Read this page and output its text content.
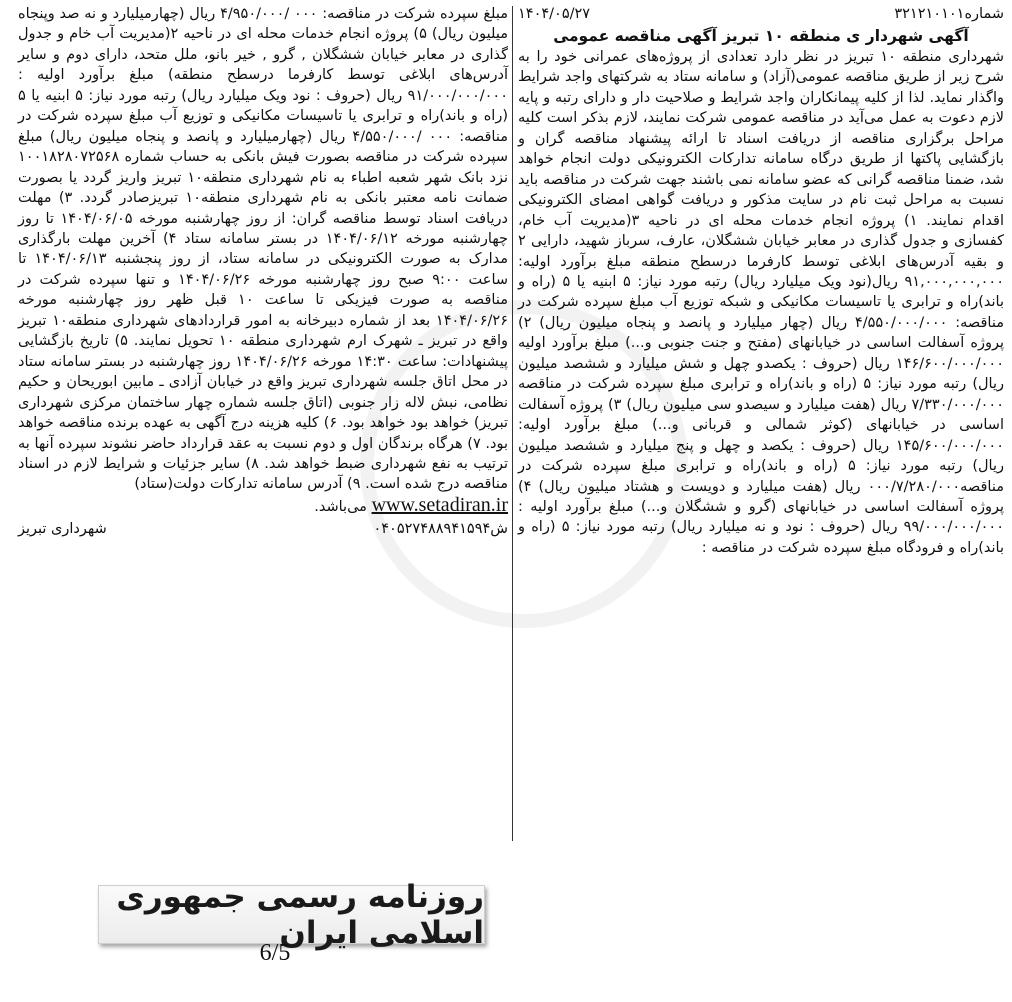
شماره۳۲۱۲۱۰۱۰۱
۱۴۰۴/۰۵/۲۷
آگهی شهردار ی منطقه ۱۰ تبریز آگهی مناقصه عمومی

شهرداری منطقه ۱۰ تبریز در نظر دارد تعدادی از پروژه‌های عمرانی خود را به شرح زیر از طریق مناقصه عمومی(آزاد) و سامانه ستاد به شرکتهای واجد شرایط واگذار نماید. لذا از کلیه پیمانکاران واجد شرایط و صلاحیت دار و دارای رتبه و پایه لازم دعوت به عمل می‌آید در مناقصه عمومی شرکت نمایند، لازم بذکر است کلیه مراحل برگزاری مناقصه از دریافت اسناد تا ارائه پیشنهاد مناقصه گران و بازگشایی پاکتها از طریق درگاه سامانه تدارکات الکترونیکی دولت انجام خواهد شد، ضمنا مناقصه گرانی که عضو سامانه نمی باشند جهت شرکت در مناقصه باید نسبت به مراحل ثبت نام در سایت مذکور و دریافت گواهی امضای الکترونیکی اقدام نمایند. ۱) پروژه انجام خدمات محله ای در ناحیه ۳(مدیریت آب خام، کفسازی و جدول گذاری در معابر خیابان ششگلان، عارف، سرباز شهید، دارایی ۲ و بقیه آدرس‌های ابلاغی توسط کارفرما درسطح منطقه مبلغ برآورد اولیه: ۹۱,۰۰۰,۰۰۰,۰۰۰ ریال(نود ویک میلیارد ریال) رتبه مورد نیاز: ۵ ابنیه یا ۵ (راه و باند)راه و ترابری یا تاسیسات مکانیکی و شبکه توزیع آب مبلغ سپرده شرکت در مناقصه: ۴/۵۵۰/۰۰۰/۰۰۰ ریال (چهار میلیارد و پانصد و پنجاه میلیون ریال) ۲) پروژه آسفالت اساسی در خیابانهای (مفتح و جنت جنوبی و...) مبلغ برآورد اولیه ۱۴۶/۶۰۰/۰۰۰/۰۰۰ ریال (حروف : یکصدو چهل و شش میلیارد و ششصد میلیون ریال) رتبه مورد نیاز: ۵ (راه و باند)راه و ترابری مبلغ سپرده شرکت در مناقصه ۷/۳۳۰/۰۰۰/۰۰۰ ریال (هفت میلیارد و سیصدو سی میلیون ریال) ۳) پروژه آسفالت اساسی در خیابانهای (کوثر شمالی و قربانی و...) مبلغ برآورد اولیه: ۱۴۵/۶۰۰/۰۰۰/۰۰۰ ریال (حروف : یکصد و چهل و پنج میلیارد و ششصد میلیون ریال) رتبه مورد نیاز: ۵ (راه و باند)راه و ترابری مبلغ سپرده شرکت در مناقصه۰۰۰/۷/۲۸۰/۰۰۰ ریال (هفت میلیارد و دویست و هشتاد میلیون ریال) ۴) پروژه آسفالت اساسی در خیابانهای (گرو و ششگلان و...) مبلغ برآورد اولیه : ۹۹/۰۰۰/۰۰۰/۰۰۰ ریال (حروف : نود و نه میلیارد ریال) رتبه مورد نیاز: ۵ (راه و باند)راه و فرودگاه مبلغ سپرده شرکت در مناقصه :

مبلغ سپرده شرکت در مناقصه: ۰۰۰ /۴/۹۵۰/۰۰۰ ریال (چهارمیلیارد و نه صد وپنجاه میلیون ریال) ۵) پروژه انجام خدمات محله ای در ناحیه ۲(مدیریت آب خام و جدول گذاری در معابر خیابان ششگلان , گرو , خیر بانو، ملل متحد، دارای دوم و سایر آدرس‌های ابلاغی توسط کارفرما درسطح منطقه) مبلغ برآورد اولیه : ۹۱/۰۰۰/۰۰۰/۰۰۰ ریال (حروف : نود ویک میلیارد ریال) رتبه مورد نیاز: ۵ ابنیه یا ۵ (راه و باند)راه و ترابری یا تاسیسات مکانیکی و توزیع آب مبلغ سپرده شرکت در مناقصه: ۰۰۰ /۴/۵۵۰/۰۰۰ ریال (چهارمیلیارد و پانصد و پنجاه میلیون ریال) مبلغ سپرده شرکت در مناقصه بصورت فیش بانکی به حساب شماره ۱۰۰۱۸۲۸۰۷۲۵۶۸ نزد بانک شهر شعبه اطباء به نام شهرداری منطقه۱۰ تبریز واریز گردد یا بصورت ضمانت نامه معتبر بانکی به نام شهرداری منطقه۱۰ تبریزصادر گردد. ۳) مهلت دریافت اسناد توسط مناقصه گران: از روز چهارشنبه مورخه ۱۴۰۴/۰۶/۰۵ تا روز چهارشنبه مورخه ۱۴۰۴/۰۶/۱۲ در بستر سامانه ستاد ۴) آخرین مهلت بارگذاری مدارک به صورت الکترونیکی در سامانه ستاد، از روز پنجشنبه ۱۴۰۴/۰۶/۱۳ تا ساعت ۹:۰۰ صبح روز چهارشنبه مورخه ۱۴۰۴/۰۶/۲۶ و تنها سپرده شرکت در مناقصه به صورت فیزیکی تا ساعت ۱۰ قبل ظهر روز چهارشنبه مورخه ۱۴۰۴/۰۶/۲۶ بعد از شماره دبیرخانه به امور قراردادهای شهرداری منطقه۱۰ تبریز واقع در تبریز ـ شهرک ارم شهرداری منطقه ۱۰ تحویل نمایند. ۵) تاریخ بازگشایی پیشنهادات: ساعت ۱۴:۳۰ مورخه ۱۴۰۴/۰۶/۲۶ روز چهارشنبه در بستر سامانه ستاد در محل اتاق جلسه شهرداری تبریز واقع در خیابان آزادی ـ مابین ابوریحان و حکیم نظامی، نبش لاله زار جنوبی (اتاق جلسه شماره چهار ساختمان مرکزی شهرداری تبریز) خواهد بود خواهد بود. ۶) کلیه هزینه درج آگهی به عهده برنده مناقصه خواهد بود. ۷) هرگاه برندگان اول و دوم نسبت به عقد قرارداد حاضر نشوند سپرده آنها به ترتیب به نفع شهرداری ضبط خواهد شد. ۸) سایر جزئیات و شرایط لازم در اسناد مناقصه درج شده است. ۹) آدرس سامانه تدارکات دولت(ستاد)

www.setadiran.ir می‌باشد.
ش۰۴۰۵۲۷۴۸۸۹۴۱۵۹۴
شهرداری تبریز
روزنامه رسمی جمهوری اسلامی ایران
6/5
